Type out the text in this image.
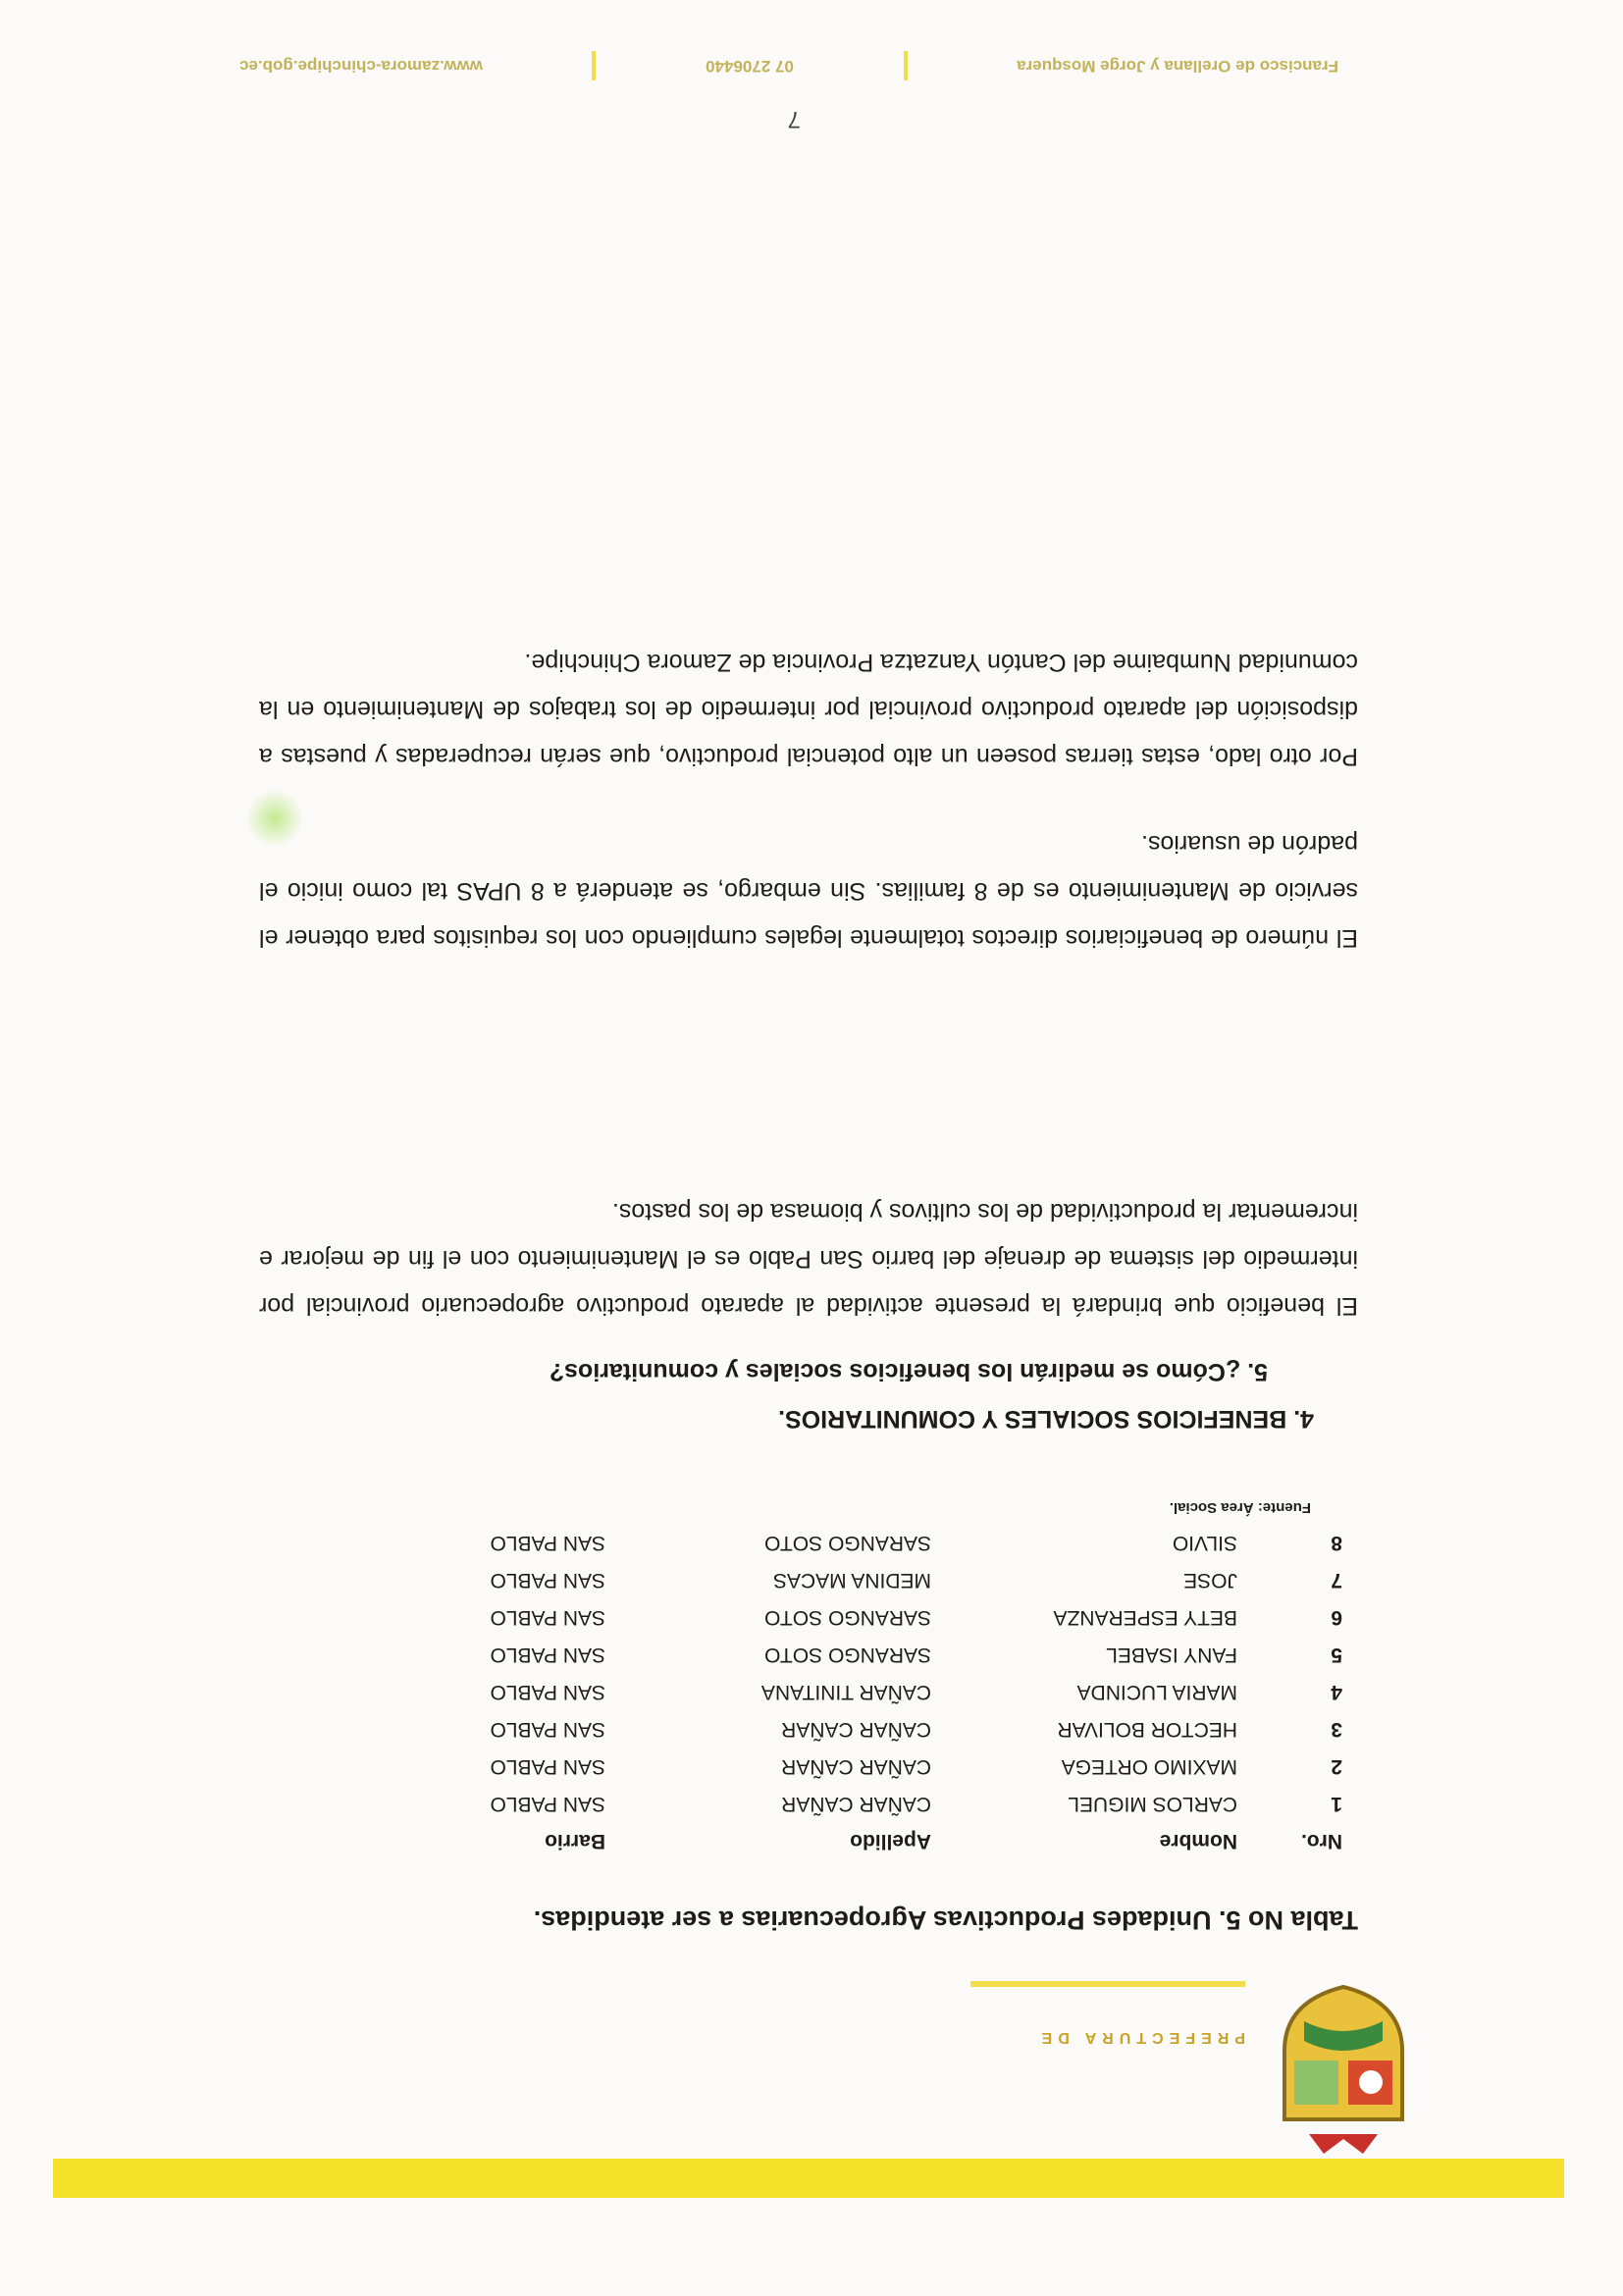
PREFECTURA DE
Tabla No 5. Unidades Productivas Agropecuarias a ser atendidas.
Nro.	Nombre	Apellido	Barrio
1	CARLOS MIGUEL	CAÑAR CAÑAR	SAN PABLO
2	MAXIMO ORTEGA	CAÑAR CAÑAR	SAN PABLO
3	HECTOR BOLIVAR	CAÑAR CAÑAR	SAN PABLO
4	MARIA LUCINDA	CAÑAR TINITANA	SAN PABLO
5	FANY ISABEL	SARANGO SOTO	SAN PABLO
6	BETY ESPERANZA	SARANGO SOTO	SAN PABLO
7	JOSE	MEDINA MACAS	SAN PABLO
8	SILVIO	SARANGO SOTO	SAN PABLO
Fuente: Área Social.
4. BENEFICIOS SOCIALES Y COMUNITARIOS.
5. ¿Cómo se medirán los beneficios sociales y comunitarios?
El beneficio que brindará la presente actividad al aparato productivo agropecuario provincial por intermedio del sistema de drenaje del barrio San Pablo es el Mantenimiento con el fin de mejorar e incrementar la productividad de los cultivos y biomasa de los pastos.
El número de beneficiarios directos totalmente legales cumpliendo con los requisitos para obtener el servicio de Mantenimiento es de 8 familias. Sin embargo, se atenderá a 8 UPAS tal como inicio el padrón de usuarios.
Por otro lado, estas tierras poseen un alto potencial productivo, que serán recuperadas y puestas a disposición del aparato productivo provincial por intermedio de los trabajos de Mantenimiento en la comunidad Numbaime del Cantón Yanzatza Provincia de Zamora Chinchipe.
7
Francisco de Orellana y Jorge Mosquera
07 2706440
www.zamora-chinchipe.gob.ec
